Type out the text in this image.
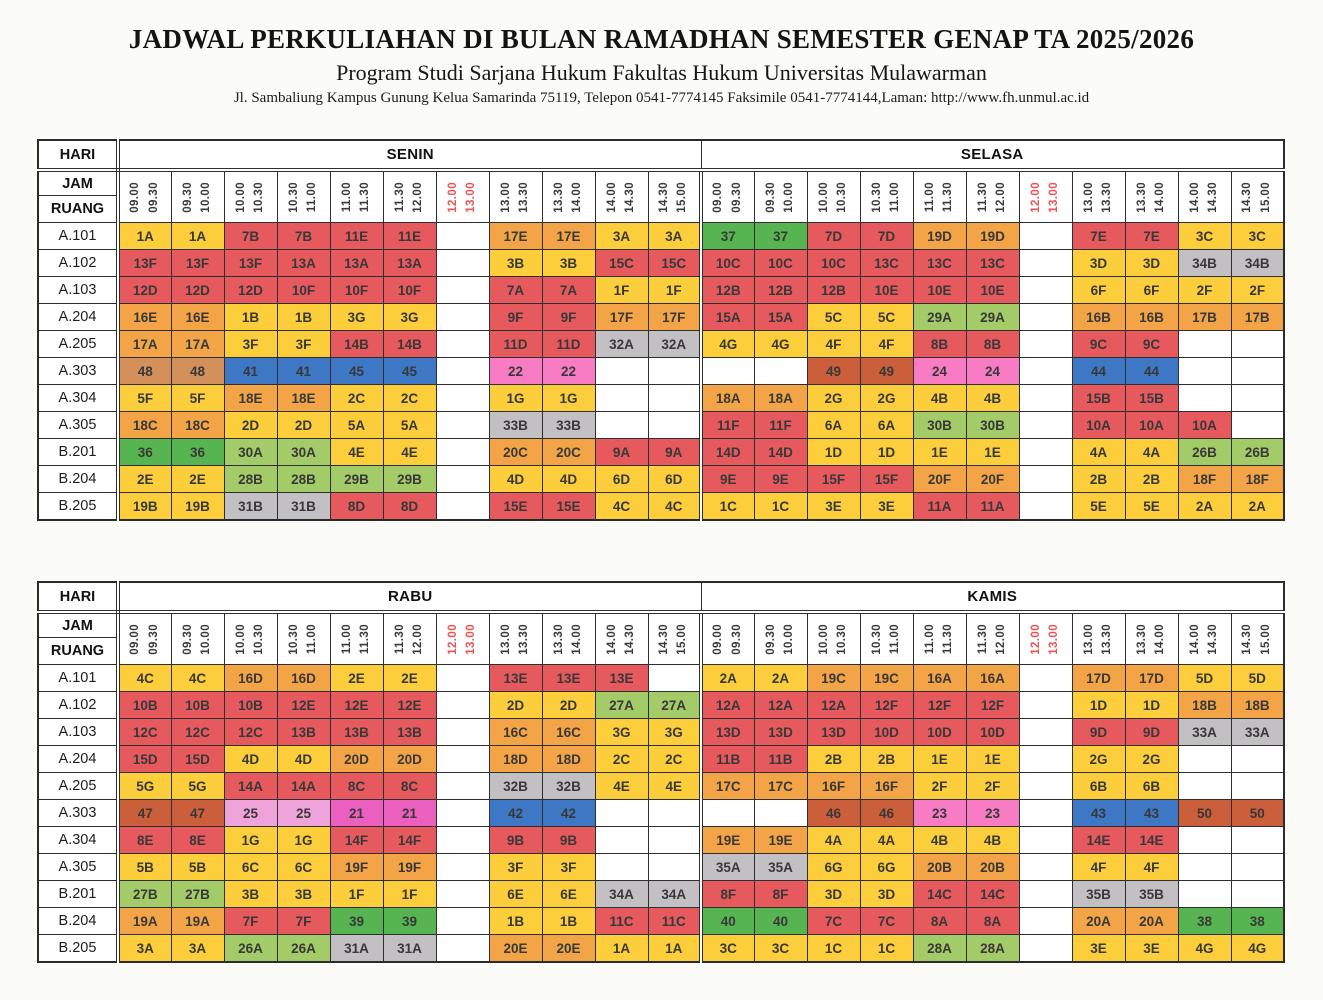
JADWAL PERKULIAHAN DI BULAN RAMADHAN SEMESTER GENAP TA 2025/2026
Program Studi Sarjana Hukum Fakultas Hukum Universitas Mulawarman
Jl. Sambaliung Kampus Gunung Kelua Samarinda 75119, Telepon 0541-7774145 Faksimile 0541-7774144,Laman: http://www.fh.unmul.ac.id
HARI	SENIN											SELASA										
JAM	09.00 09.30	09.30 10.00	10.00 10.30	10.30 11.00	11.00 11.30	11.30 12.00	12.00 13.00	13.00 13.30	13.30 14.00	14.00 14.30	14.30 15.00	09.00 09.30	09.30 10.00	10.00 10.30	10.30 11.00	11.00 11.30	11.30 12.00	12.00 13.00	13.00 13.30	13.30 14.00	14.00 14.30	14.30 15.00

RUANG																						
A.101	1A	1A	7B	7B	11E	11E		17E	17E	3A	3A	37	37	7D	7D	19D	19D		7E	7E	3C	3C
A.102	13F	13F	13F	13A	13A	13A		3B	3B	15C	15C	10C	10C	10C	13C	13C	13C		3D	3D	34B	34B
A.103	12D	12D	12D	10F	10F	10F		7A	7A	1F	1F	12B	12B	12B	10E	10E	10E		6F	6F	2F	2F
A.204	16E	16E	1B	1B	3G	3G		9F	9F	17F	17F	15A	15A	5C	5C	29A	29A		16B	16B	17B	17B
A.205	17A	17A	3F	3F	14B	14B		11D	11D	32A	32A	4G	4G	4F	4F	8B	8B		9C	9C		
A.303	48	48	41	41	45	45		22	22					49	49	24	24		44	44		
A.304	5F	5F	18E	18E	2C	2C		1G	1G			18A	18A	2G	2G	4B	4B		15B	15B		
A.305	18C	18C	2D	2D	5A	5A		33B	33B			11F	11F	6A	6A	30B	30B		10A	10A	10A	
B.201	36	36	30A	30A	4E	4E		20C	20C	9A	9A	14D	14D	1D	1D	1E	1E		4A	4A	26B	26B
B.204	2E	2E	28B	28B	29B	29B		4D	4D	6D	6D	9E	9E	15F	15F	20F	20F		2B	2B	18F	18F
B.205	19B	19B	31B	31B	8D	8D		15E	15E	4C	4C	1C	1C	3E	3E	11A	11A		5E	5E	2A	2A
HARI	RABU											KAMIS										
JAM	09.00 09.30	09.30 10.00	10.00 10.30	10.30 11.00	11.00 11.30	11.30 12.00	12.00 13.00	13.00 13.30	13.30 14.00	14.00 14.30	14.30 15.00	09.00 09.30	09.30 10.00	10.00 10.30	10.30 11.00	11.00 11.30	11.30 12.00	12.00 13.00	13.00 13.30	13.30 14.00	14.00 14.30	14.30 15.00

RUANG																						
A.101	4C	4C	16D	16D	2E	2E		13E	13E	13E		2A	2A	19C	19C	16A	16A		17D	17D	5D	5D
A.102	10B	10B	10B	12E	12E	12E		2D	2D	27A	27A	12A	12A	12A	12F	12F	12F		1D	1D	18B	18B
A.103	12C	12C	12C	13B	13B	13B		16C	16C	3G	3G	13D	13D	13D	10D	10D	10D		9D	9D	33A	33A
A.204	15D	15D	4D	4D	20D	20D		18D	18D	2C	2C	11B	11B	2B	2B	1E	1E		2G	2G		
A.205	5G	5G	14A	14A	8C	8C		32B	32B	4E	4E	17C	17C	16F	16F	2F	2F		6B	6B		
A.303	47	47	25	25	21	21		42	42					46	46	23	23		43	43	50	50
A.304	8E	8E	1G	1G	14F	14F		9B	9B			19E	19E	4A	4A	4B	4B		14E	14E		
A.305	5B	5B	6C	6C	19F	19F		3F	3F			35A	35A	6G	6G	20B	20B		4F	4F		
B.201	27B	27B	3B	3B	1F	1F		6E	6E	34A	34A	8F	8F	3D	3D	14C	14C		35B	35B		
B.204	19A	19A	7F	7F	39	39		1B	1B	11C	11C	40	40	7C	7C	8A	8A		20A	20A	38	38
B.205	3A	3A	26A	26A	31A	31A		20E	20E	1A	1A	3C	3C	1C	1C	28A	28A		3E	3E	4G	4G
